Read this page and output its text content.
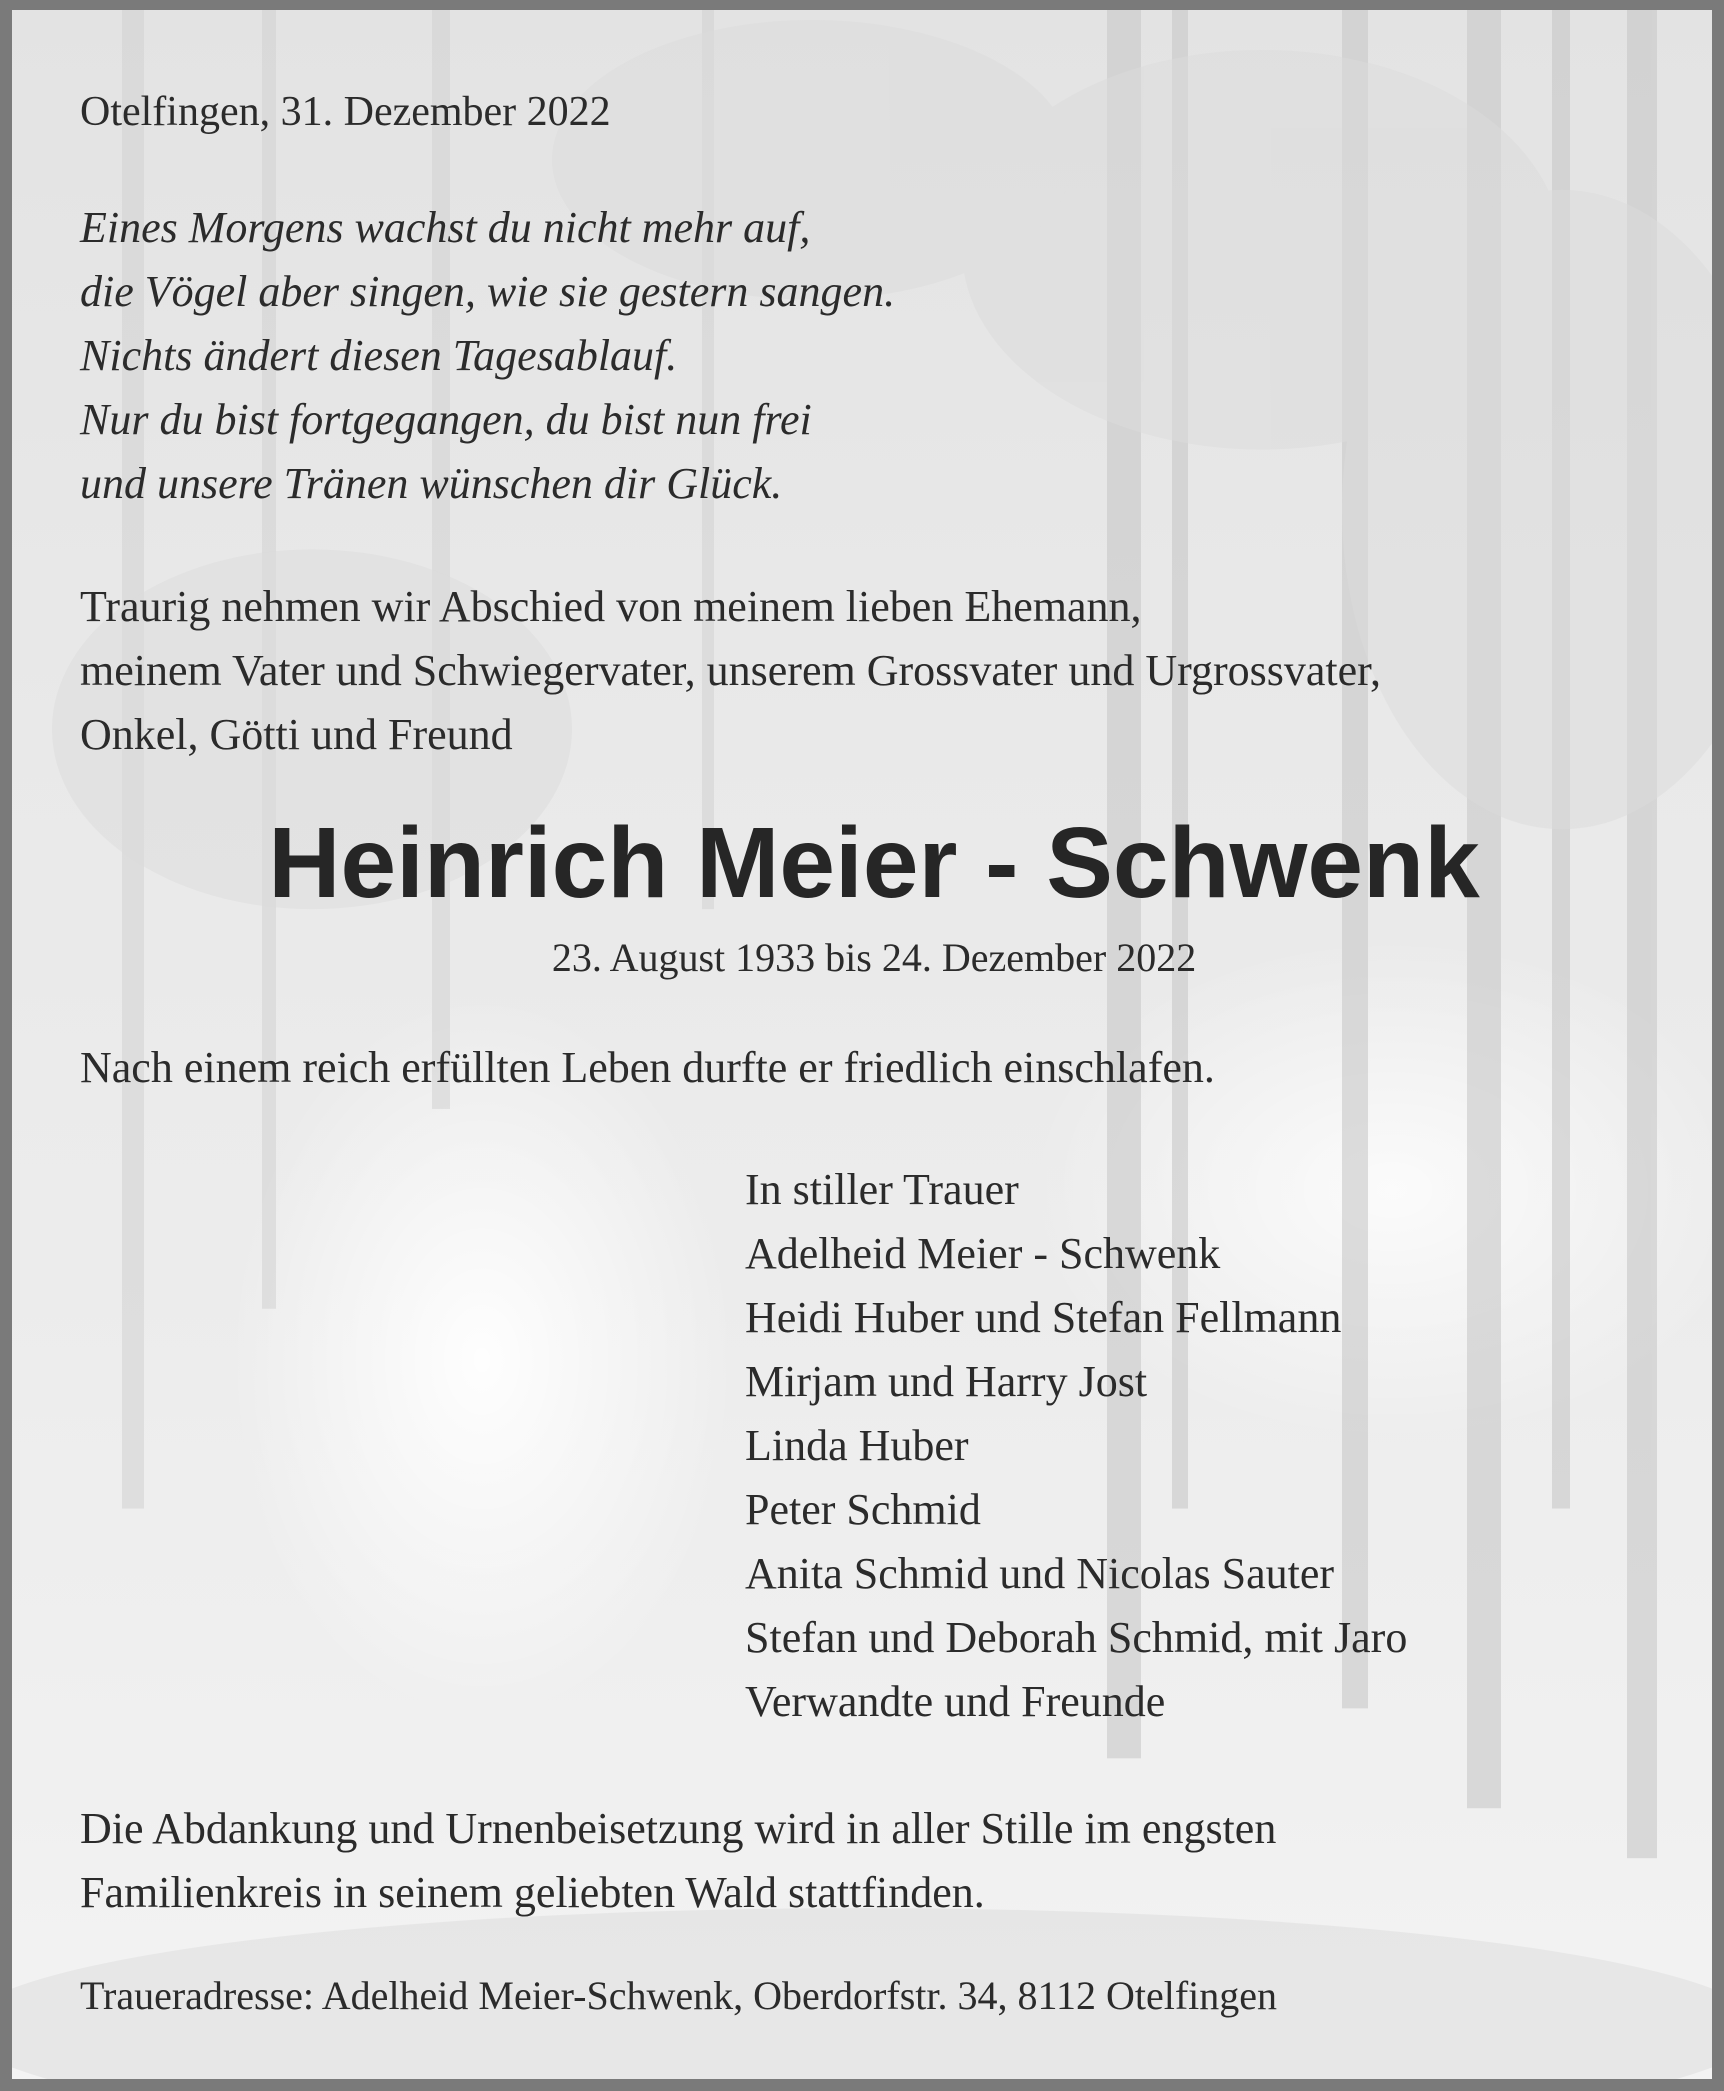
Otelfingen, 31. Dezember 2022

Eines Morgens wachst du nicht mehr auf,
die Vögel aber singen, wie sie gestern sangen.
Nichts ändert diesen Tagesablauf.
Nur du bist fortgegangen, du bist nun frei
und unsere Tränen wünschen dir Glück.
Traurig nehmen wir Abschied von meinem lieben Ehemann,
meinem Vater und Schwiegervater, unserem Grossvater und Urgrossvater,
Onkel, Götti und Freund
Heinrich Meier - Schwenk

23. August 1933 bis 24. Dezember 2022

Nach einem reich erfüllten Leben durfte er friedlich einschlafen.

In stiller Trauer
Adelheid Meier - Schwenk
Heidi Huber und Stefan Fellmann
Mirjam und Harry Jost
Linda Huber
Peter Schmid
Anita Schmid und Nicolas Sauter
Stefan und Deborah Schmid, mit Jaro
Verwandte und Freunde
Die Abdankung und Urnenbeisetzung wird in aller Stille im engsten
Familienkreis in seinem geliebten Wald stattfinden.

Traueradresse: Adelheid Meier-Schwenk, Oberdorfstr. 34, 8112 Otelfingen
